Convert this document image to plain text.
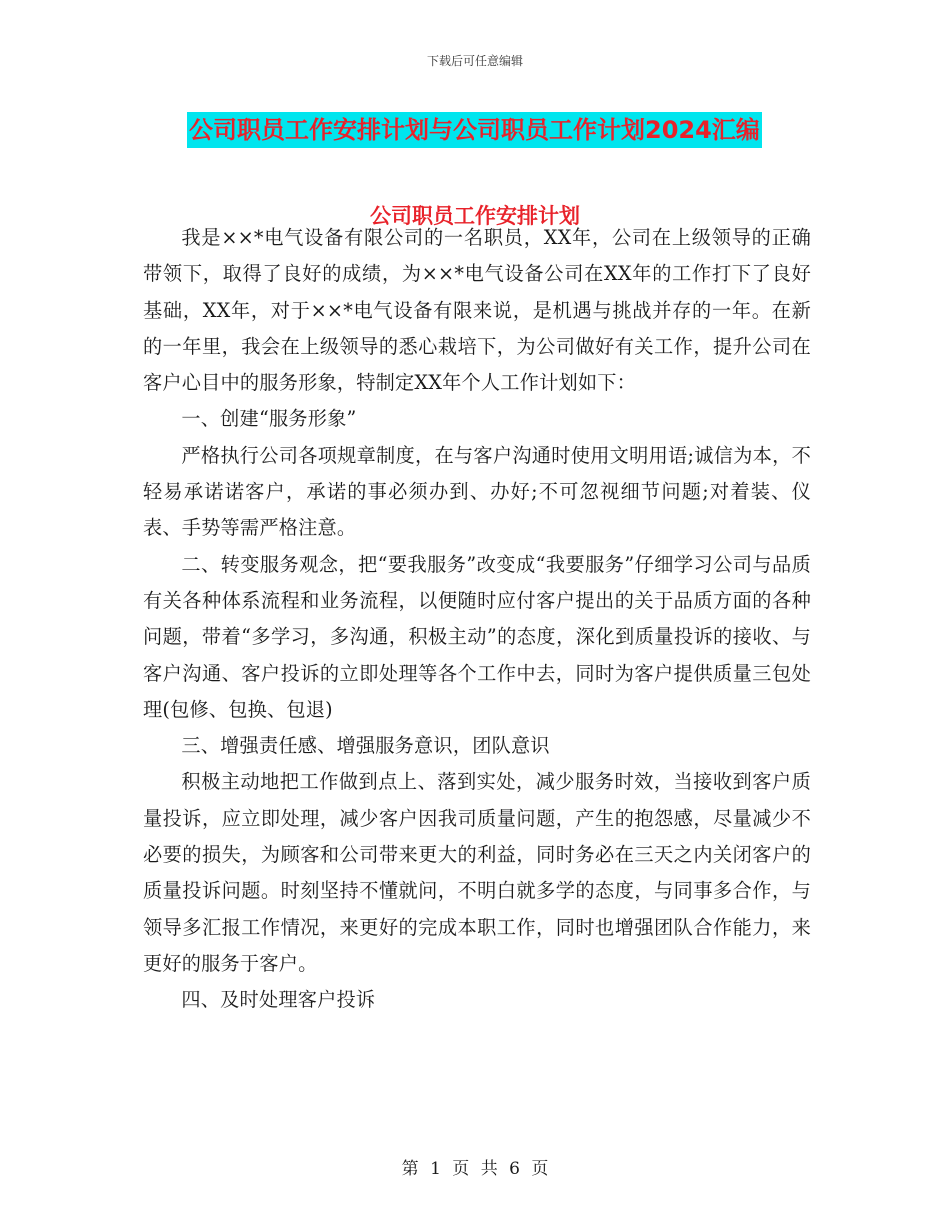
下载后可任意编辑
公司职员工作安排计划与公司职员工作计划2024汇编
公司职员工作安排计划

我是××*电气设备有限公司的一名职员，XX年，公司在上级领导的正确带领下，取得了良好的成绩，为××*电气设备公司在XX年的工作打下了良好基础，XX年，对于××*电气设备有限来说，是机遇与挑战并存的一年。在新的一年里，我会在上级领导的悉心栽培下，为公司做好有关工作，提升公司在客户心目中的服务形象，特制定XX年个人工作计划如下：

一、创建“服务形象”

严格执行公司各项规章制度，在与客户沟通时使用文明用语;诚信为本，不轻易承诺诺客户，承诺的事必须办到、办好;不可忽视细节问题;对着装、仪表、手势等需严格注意。

二、转变服务观念，把“要我服务”改变成“我要服务”仔细学习公司与品质有关各种体系流程和业务流程，以便随时应付客户提出的关于品质方面的各种问题，带着“多学习，多沟通，积极主动”的态度，深化到质量投诉的接收、与客户沟通、客户投诉的立即处理等各个工作中去，同时为客户提供质量三包处理(包修、包换、包退)

三、增强责任感、增强服务意识，团队意识

积极主动地把工作做到点上、落到实处，减少服务时效，当接收到客户质量投诉，应立即处理，减少客户因我司质量问题，产生的抱怨感，尽量减少不必要的损失，为顾客和公司带来更大的利益，同时务必在三天之内关闭客户的质量投诉问题。时刻坚持不懂就问，不明白就多学的态度，与同事多合作，与领导多汇报工作情况，来更好的完成本职工作，同时也增强团队合作能力，来更好的服务于客户。

四、及时处理客户投诉

第 1 页 共 6 页
